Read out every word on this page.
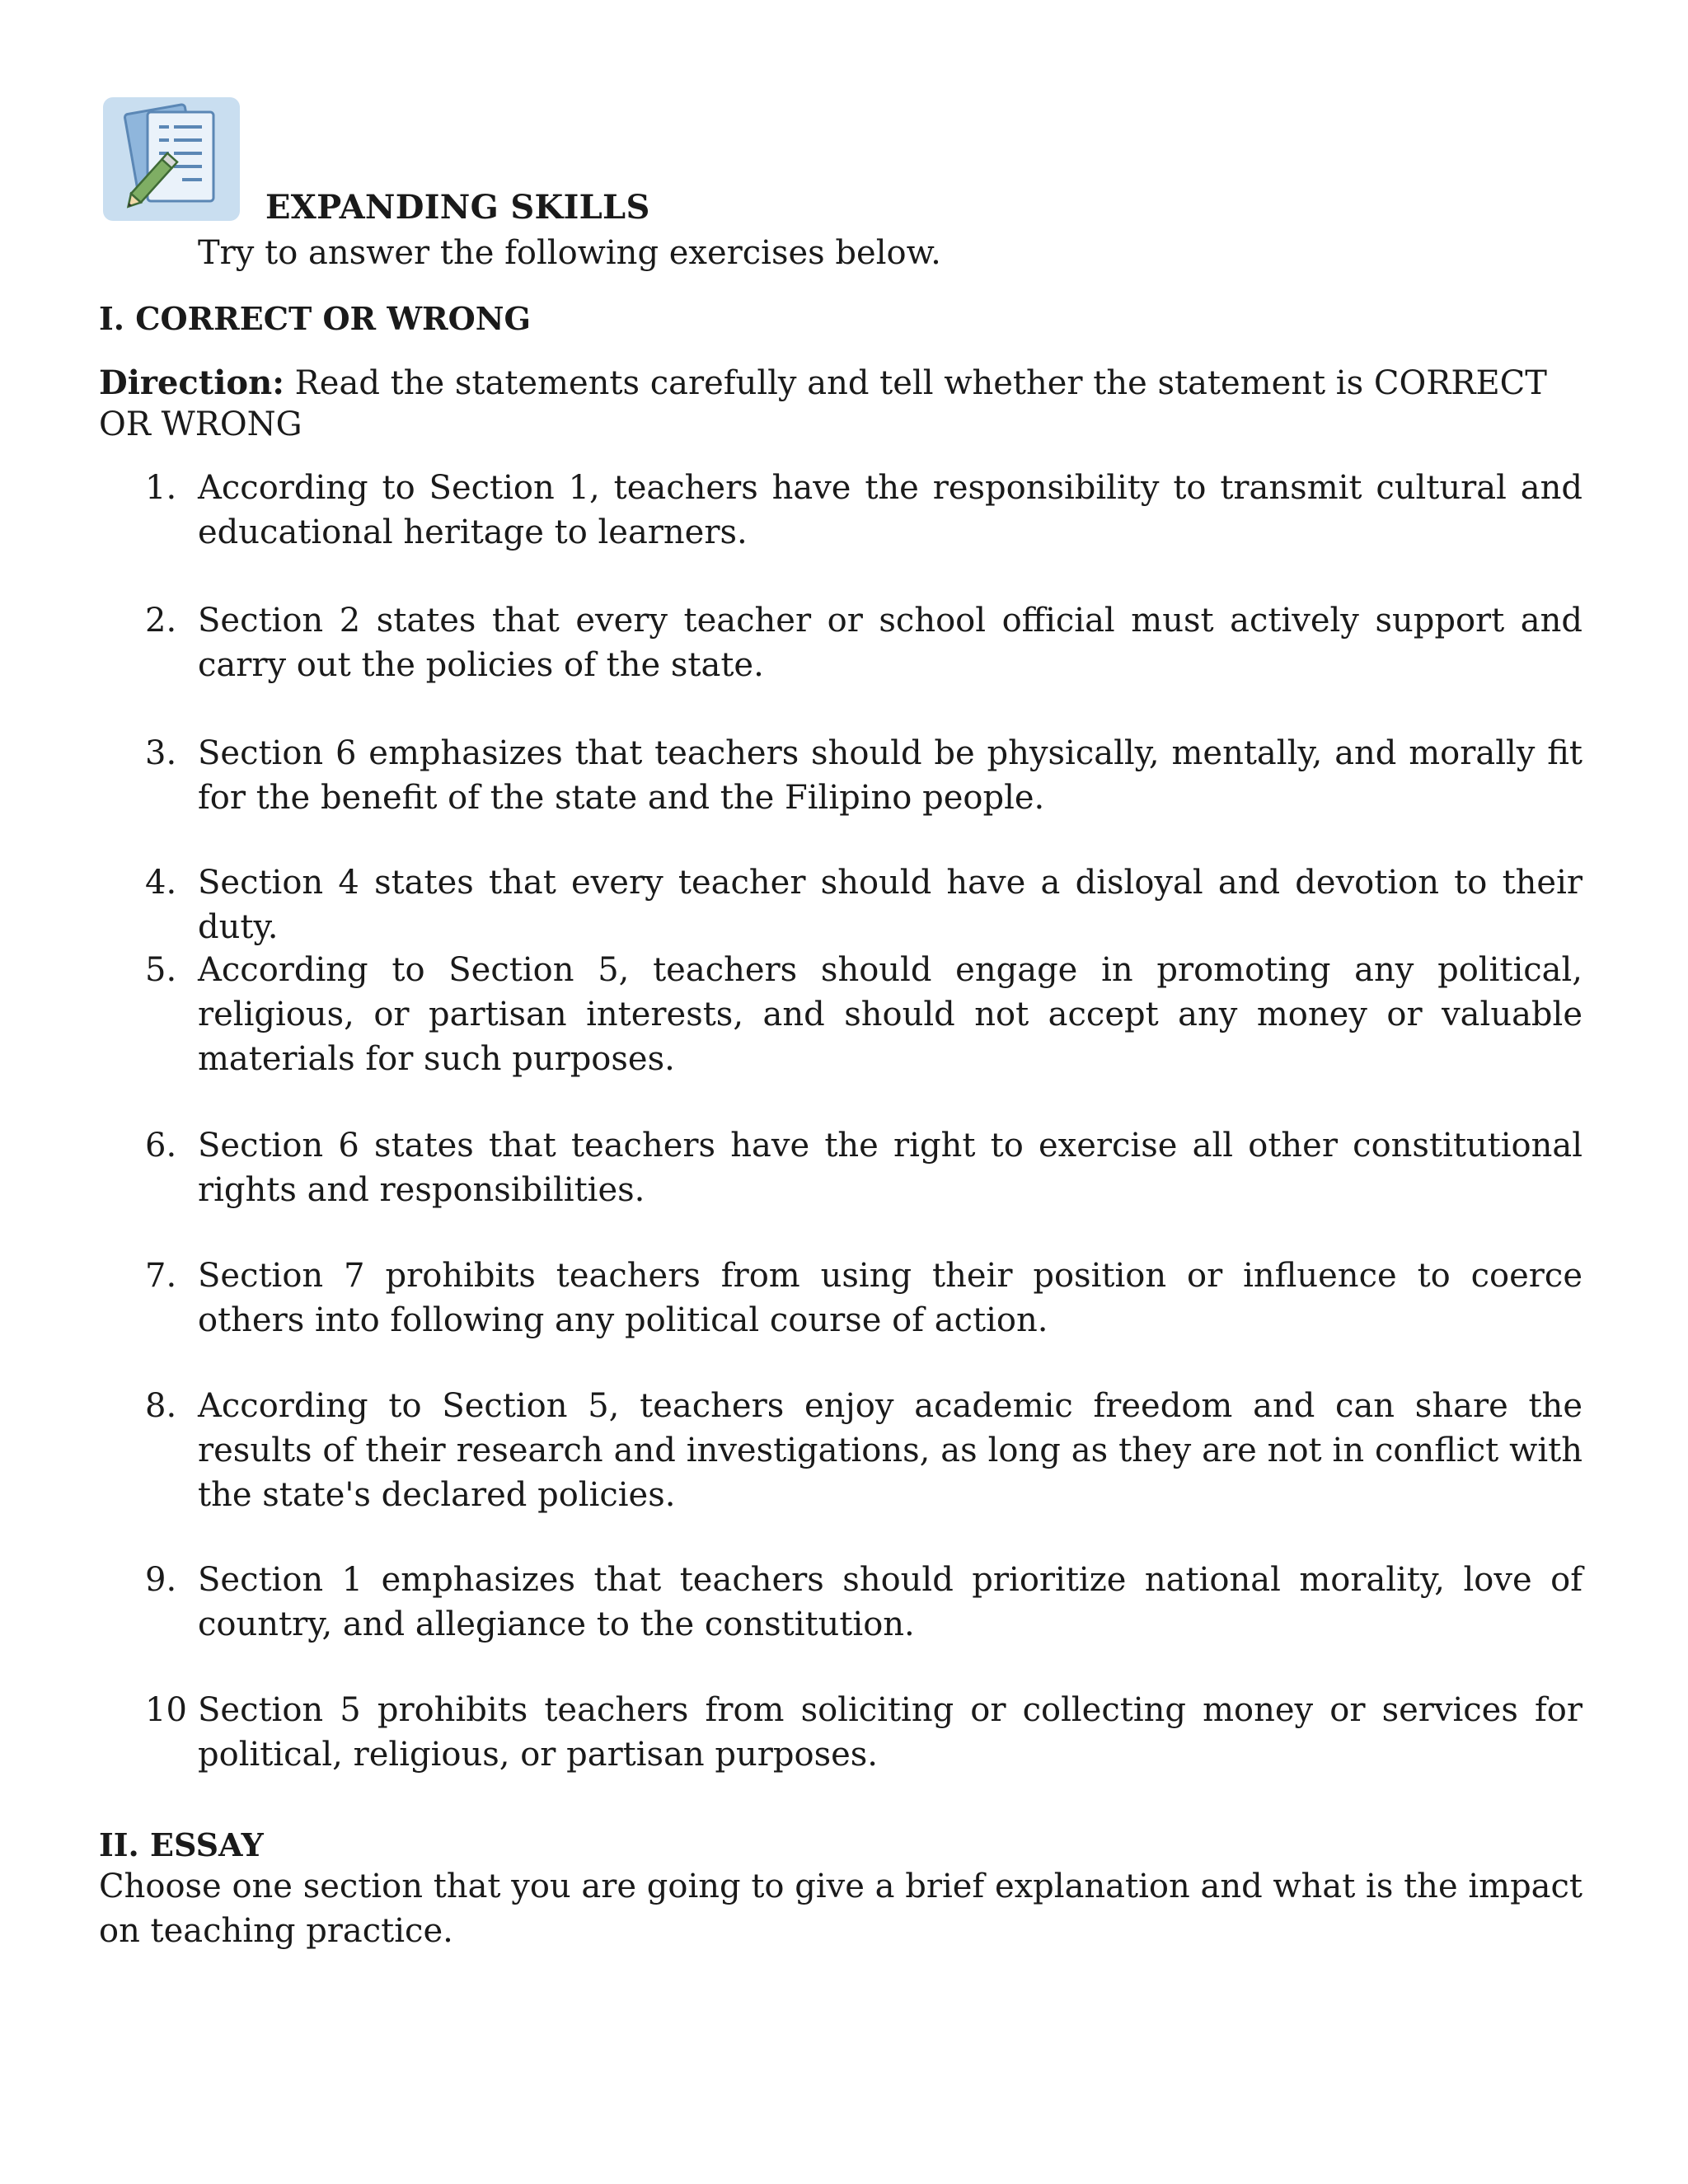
EXPANDING SKILLS
Try to answer the following exercises below.
I. CORRECT OR WRONG
Direction: Read the statements carefully and tell whether the statement is CORRECT OR WRONG
1. According to Section 1, teachers have the responsibility to transmit cultural and educational heritage to learners.
2. Section 2 states that every teacher or school official must actively support and carry out the policies of the state.
3. Section 6 emphasizes that teachers should be physically, mentally, and morally fit for the benefit of the state and the Filipino people.
4. Section 4 states that every teacher should have a disloyal and devotion to their duty.
5. According to Section 5, teachers should engage in promoting any political, religious, or partisan interests, and should not accept any money or valuable materials for such purposes.
6. Section 6 states that teachers have the right to exercise all other constitutional rights and responsibilities.
7. Section 7 prohibits teachers from using their position or influence to coerce others into following any political course of action.
8. According to Section 5, teachers enjoy academic freedom and can share the results of their research and investigations, as long as they are not in conflict with the state's declared policies.
9. Section 1 emphasizes that teachers should prioritize national morality, love of country, and allegiance to the constitution.
10 Section 5 prohibits teachers from soliciting or collecting money or services for political, religious, or partisan purposes.
II. ESSAY
Choose one section that you are going to give a brief explanation and what is the impact on teaching practice.
